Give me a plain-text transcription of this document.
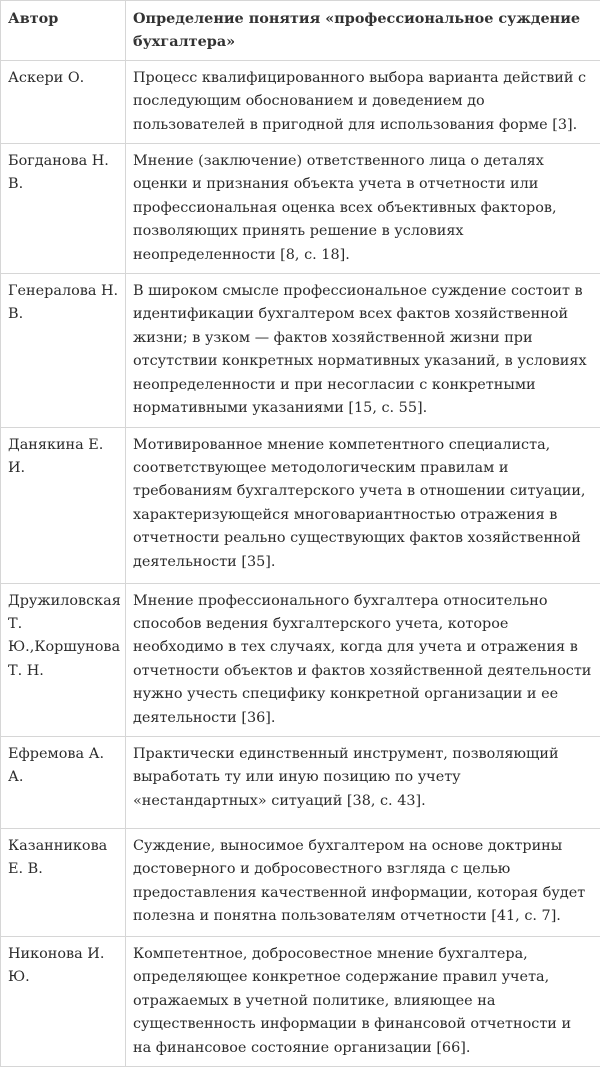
Автор	Определение понятия «профессиональное суждение бухгалтера»
Аскери О.	Процесс квалифицированного выбора варианта действий с последующим обоснованием и доведением до пользователей в пригодной для использования форме [3].
Богданова Н. В.	Мнение (заключение) ответственного лица о деталях оценки и признания объекта учета в отчетности или профессиональная оценка всех объективных факторов, позволяющих принять решение в условиях неопределенности [8, с. 18].
Генералова Н. В.	В широком смысле профессиональное суждение состоит в идентификации бухгалтером всех фактов хозяйственной жизни; в узком — фактов хозяйственной жизни при отсутствии конкретных нормативных указаний, в условиях неопределенности и при несогласии с конкретными нормативными указаниями [15, с. 55].
Данякина Е. И.	Мотивированное мнение компетентного специалиста, соответствующее методологическим правилам и требованиям бухгалтерского учета в отношении ситуации, характеризующейся многовариантностью отражения в отчетности реально существующих фактов хозяйственной деятельности [35].
Дружиловская Т. Ю.,Коршунова Т. Н.	Мнение профессионального бухгалтера относительно способов ведения бухгалтерского учета, которое необходимо в тех случаях, когда для учета и отражения в отчетности объектов и фактов хозяйственной деятельности нужно учесть специфику конкретной организации и ее деятельности [36].
Ефремова А. А.	Практически единственный инструмент, позволяющий выработать ту или иную позицию по учету «нестандартных» ситуаций [38, с. 43].
Казанникова Е. В.	Суждение, выносимое бухгалтером на основе доктрины достоверного и добросовестного взгляда с целью предоставления качественной информации, которая будет полезна и понятна пользователям отчетности [41, с. 7].
Никонова И. Ю.	Компетентное, добросовестное мнение бухгалтера, определяющее конкретное содержание правил учета, отражаемых в учетной политике, влияющее на существенность информации в финансовой отчетности и на финансовое состояние организации [66].
